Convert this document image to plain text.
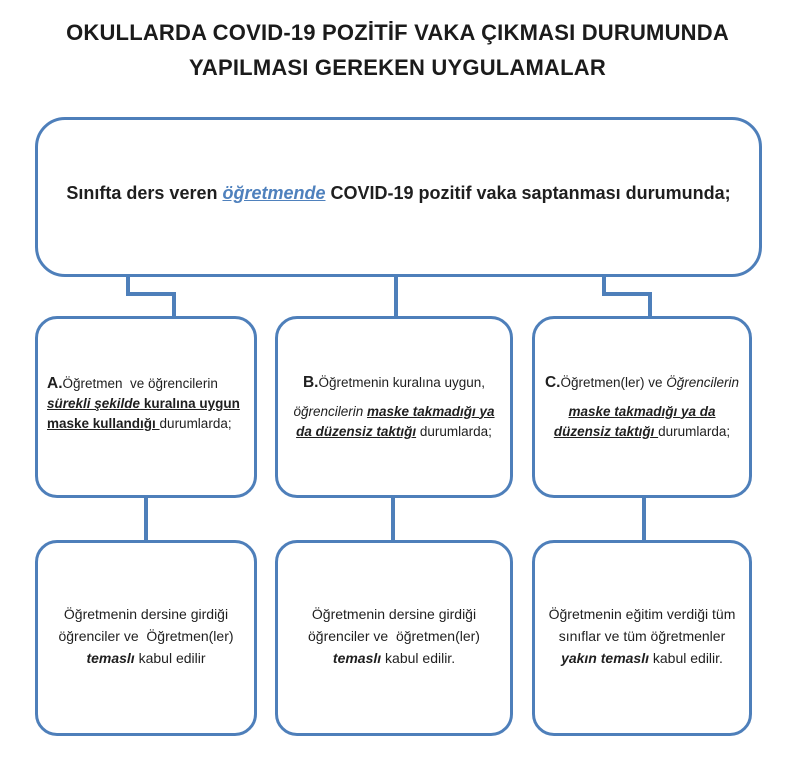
OKULLARDA COVID-19 POZİTİF VAKA ÇIKMASI DURUMUNDA
YAPILMASI GEREKEN UYGULAMALAR
Sınıfta ders veren öğretmende COVID-19 pozitif vaka saptanması durumunda;
A.Öğretmen  ve öğrencilerin sürekli şekilde kuralına uygun maske kullandığı durumlarda;
B.Öğretmenin kuralına uygun,
öğrencilerin maske takmadığı ya da düzensiz taktığı durumlarda;
C.Öğretmen(ler) ve Öğrencilerin
maske takmadığı ya da düzensiz taktığı durumlarda;
Öğretmenin dersine girdiği öğrenciler ve  Öğretmen(ler) temaslı kabul edilir
Öğretmenin dersine girdiği öğrenciler ve  öğretmen(ler) temaslı kabul edilir.
Öğretmenin eğitim verdiği tüm sınıflar ve tüm öğretmenler yakın temaslı kabul edilir.
